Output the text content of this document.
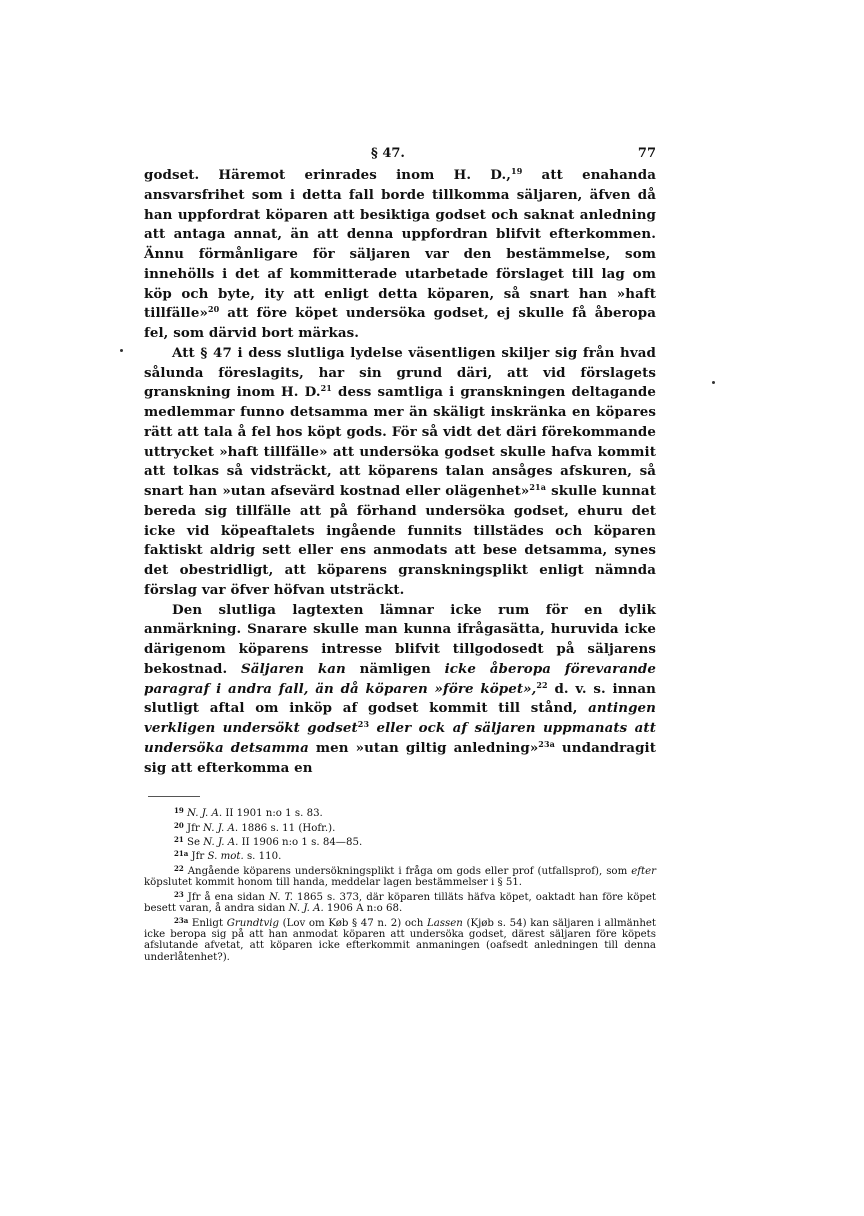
§ 47.	77

godset. Häremot erinrades inom H. D.,$^{19}$ att enahanda ansvarsfrihet som i detta fall borde tillkomma säljaren, äfven då han uppfordrat köparen att besiktiga godset och saknat anledning att antaga annat, än att denna uppfordran blifvit efterkommen. Ännu förmånligare för säljaren var den bestämmelse, som innehölls i det af kommitterade utarbetade förslaget till lag om köp och byte, ity att enligt detta köparen, så snart han »haft tillfälle»$^{20}$ att före köpet undersöka godset, ej skulle få åberopa fel, som därvid bort märkas.

Att § 47 i dess slutliga lydelse väsentligen skiljer sig från hvad sålunda föreslagits, har sin grund däri, att vid förslagets granskning inom H. D.$^{21}$ dess samtliga i granskningen deltagande medlemmar funno detsamma mer än skäligt inskränka en köpares rätt att tala å fel hos köpt gods. För så vidt det däri förekommande uttrycket »haft tillfälle» att undersöka godset skulle hafva kommit att tolkas så vidsträckt, att köparens talan ansåges afskuren, så snart han »utan afsevärd kostnad eller olägenhet»$^{21a}$ skulle kunnat bereda sig tillfälle att på förhand undersöka godset, ehuru det icke vid köpeaftalets ingående funnits tillstädes och köparen faktiskt aldrig sett eller ens anmodats att bese detsamma, synes det obestridligt, att köparens granskningsplikt enligt nämnda förslag var öfver höfvan utsträckt.

Den slutliga lagtexten lämnar icke rum för en dylik anmärkning. Snarare skulle man kunna ifrågasätta, huruvida icke därigenom köparens intresse blifvit tillgodosedt på säljarens bekostnad. Säljaren kan nämligen icke åberopa förevarande paragraf i andra fall, än då köparen »före köpet»,$^{22}$ d. v. s. innan slutligt aftal om inköp af godset kommit till stånd, antingen verkligen undersökt godset$^{23}$ eller ock af säljaren uppmanats att undersöka detsamma men »utan giltig anledning»$^{23a}$ undandragit sig att efterkomma en

$^{19}$ N. J. A. II 1901 n:o 1 s. 83.

$^{20}$ Jfr N. J. A. 1886 s. 11 (Hofr.).

$^{21}$ Se N. J. A. II 1906 n:o 1 s. 84—85.

$^{21a}$ Jfr S. mot. s. 110.

$^{22}$ Angående köparens undersökningsplikt i fråga om gods eller prof (utfallsprof), som efter köpslutet kommit honom till handa, meddelar lagen bestämmelser i § 51.

$^{23}$ Jfr å ena sidan N. T. 1865 s. 373, där köparen tilläts häfva köpet, oaktadt han före köpet besett varan, å andra sidan N. J. A. 1906 A n:o 68.

$^{23a}$ Enligt Grundtvig (Lov om Køb § 47 n. 2) och Lassen (Kjøb s. 54) kan säljaren i allmänhet icke beropa sig på att han anmodat köparen att undersöka godset, därest säljaren före köpets afslutande afvetat, att köparen icke efterkommit anmaningen (oafsedt anledningen till denna underlåtenhet?).
